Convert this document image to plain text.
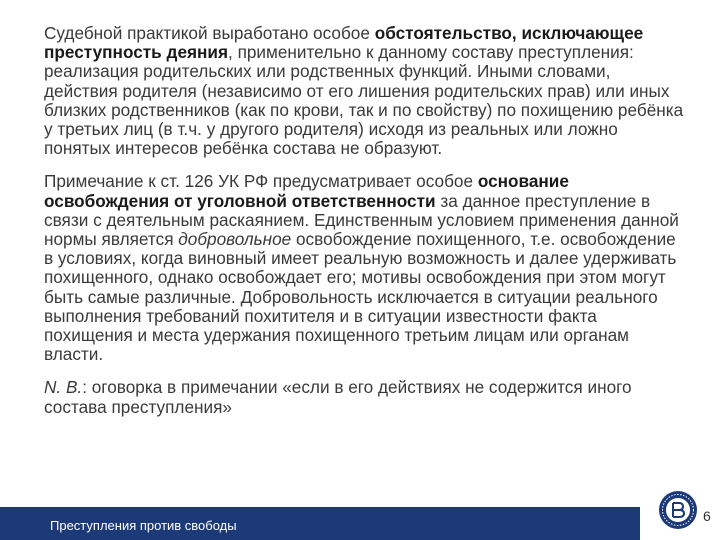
Судебной практикой выработано особое обстоятельство, исключающее преступность деяния, применительно к данному составу преступления: реализация родительских или родственных функций. Иными словами, действия родителя (независимо от его лишения родительских прав) или иных близких родственников (как по крови, так и по свойству) по похищению ребёнка у третьих лиц (в т.ч. у другого родителя) исходя из реальных или ложно понятых интересов ребёнка состава не образуют.

Примечание к ст. 126 УК РФ предусматривает особое основание освобождения от уголовной ответственности за данное преступление в связи с деятельным раскаянием. Единственным условием применения данной нормы является добровольное освобождение похищенного, т.е. освобождение в условиях, когда виновный имеет реальную возможность и далее удерживать похищенного, однако освобождает его; мотивы освобождения при этом могут быть самые различные. Добровольность исключается в ситуации реального выполнения требований похитителя и в ситуации известности факта похищения и места удержания похищенного третьим лицам или органам власти.

N. B.: оговорка в примечании «если в его действиях не содержится иного состава преступления»

Преступления против свободы
6
